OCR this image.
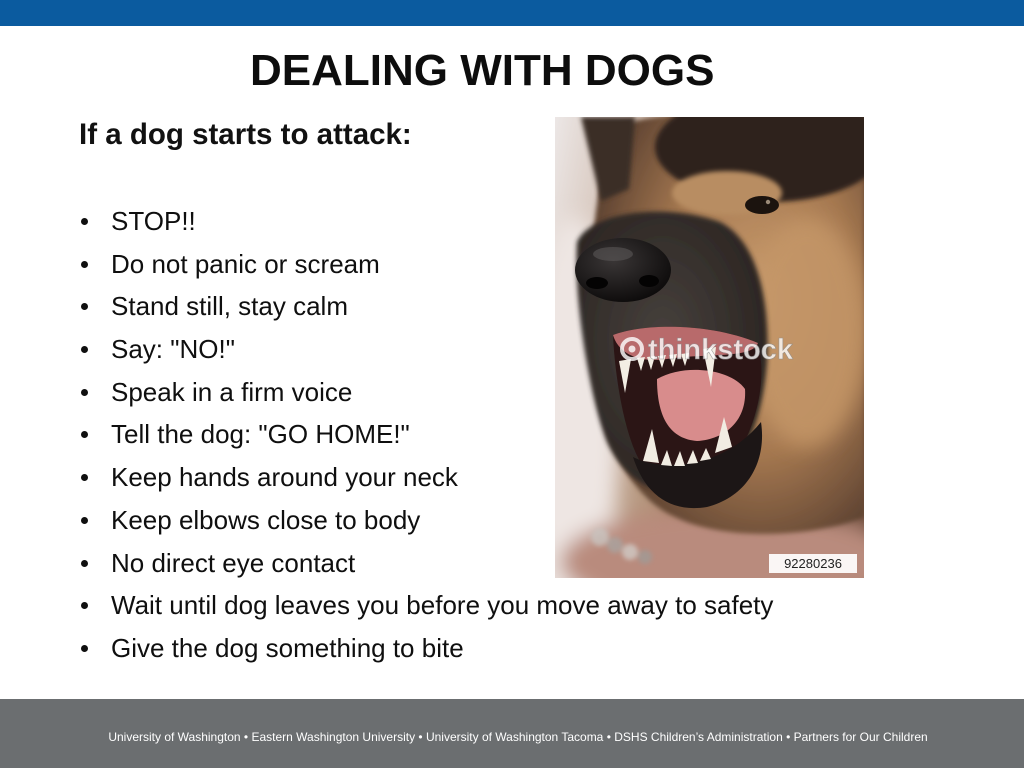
DEALING WITH DOGS
If a dog starts to attack:
STOP!!
Do not panic or scream
Stand still, stay calm
Say: "NO!"
Speak in a firm voice
Tell the dog: "GO HOME!"
Keep hands around your neck
Keep elbows close to body
No direct eye contact
Wait until dog leaves you before you move away to safety
Give the dog something to bite
thinkstock
92280236
University of Washington • Eastern Washington University • University of Washington Tacoma • DSHS Children’s Administration • Partners for Our Children
